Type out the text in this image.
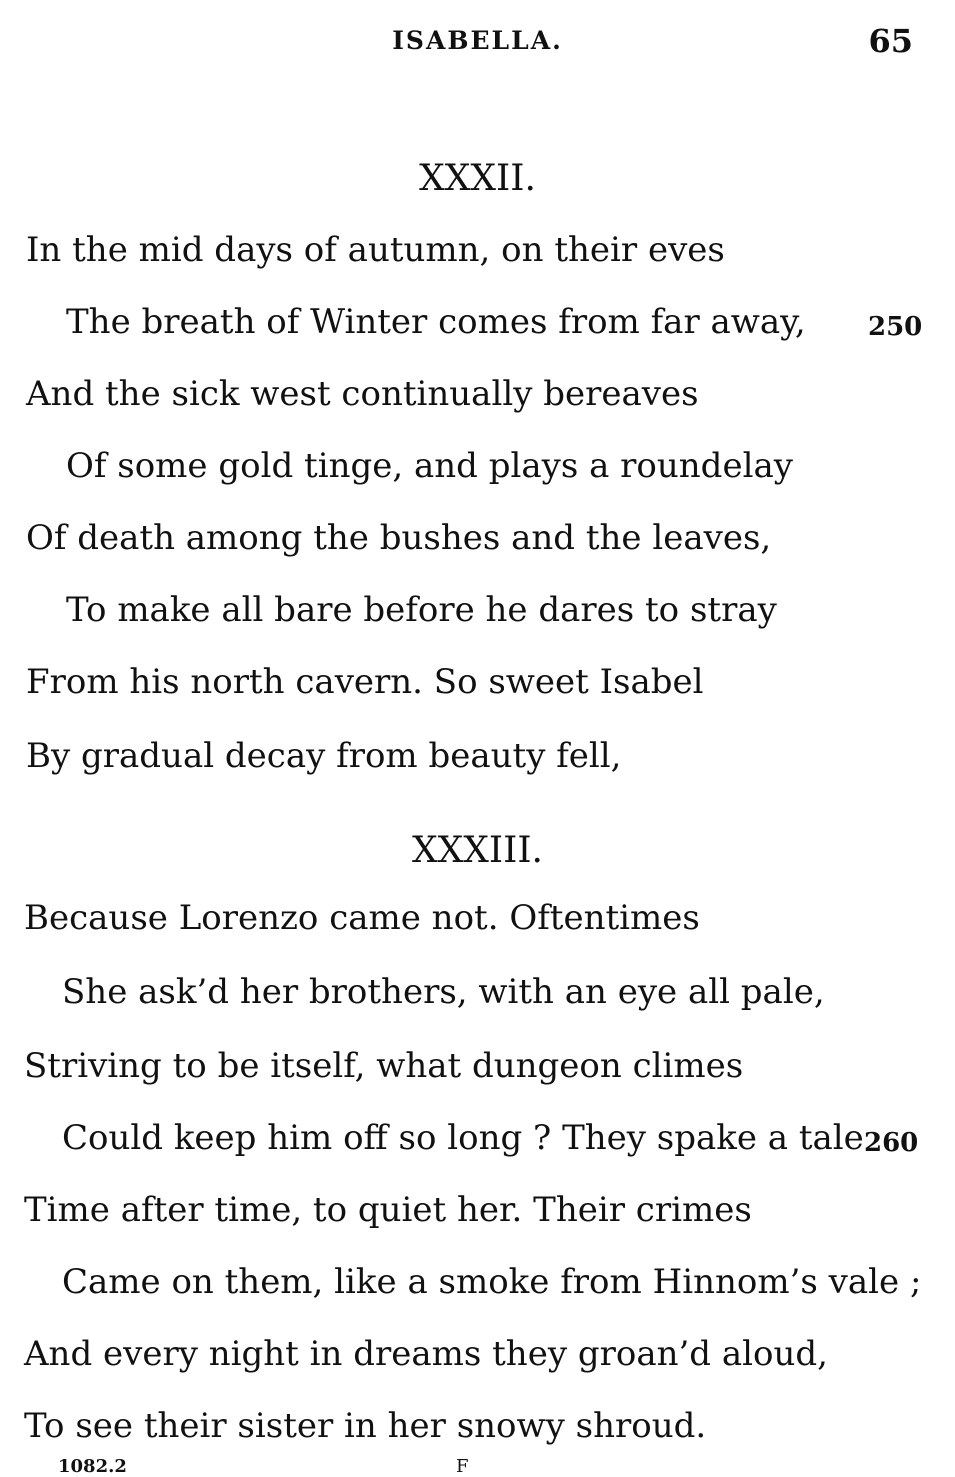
ISABELLA.	65
XXXII.
In the mid days of autumn, on their eves
The breath of Winter comes from far away, 250
And the sick west continually bereaves
Of some gold tinge, and plays a roundelay
Of death among the bushes and the leaves,
To make all bare before he dares to stray
From his north cavern. So sweet Isabel
By gradual decay from beauty fell,
XXXIII.
Because Lorenzo came not. Oftentimes
She ask’d her brothers, with an eye all pale,
Striving to be itself, what dungeon climes
Could keep him off so long ? They spake a tale 260
Time after time, to quiet her. Their crimes
Came on them, like a smoke from Hinnom’s vale ;
And every night in dreams they groan’d aloud,
To see their sister in her snowy shroud.
1082.2	F
